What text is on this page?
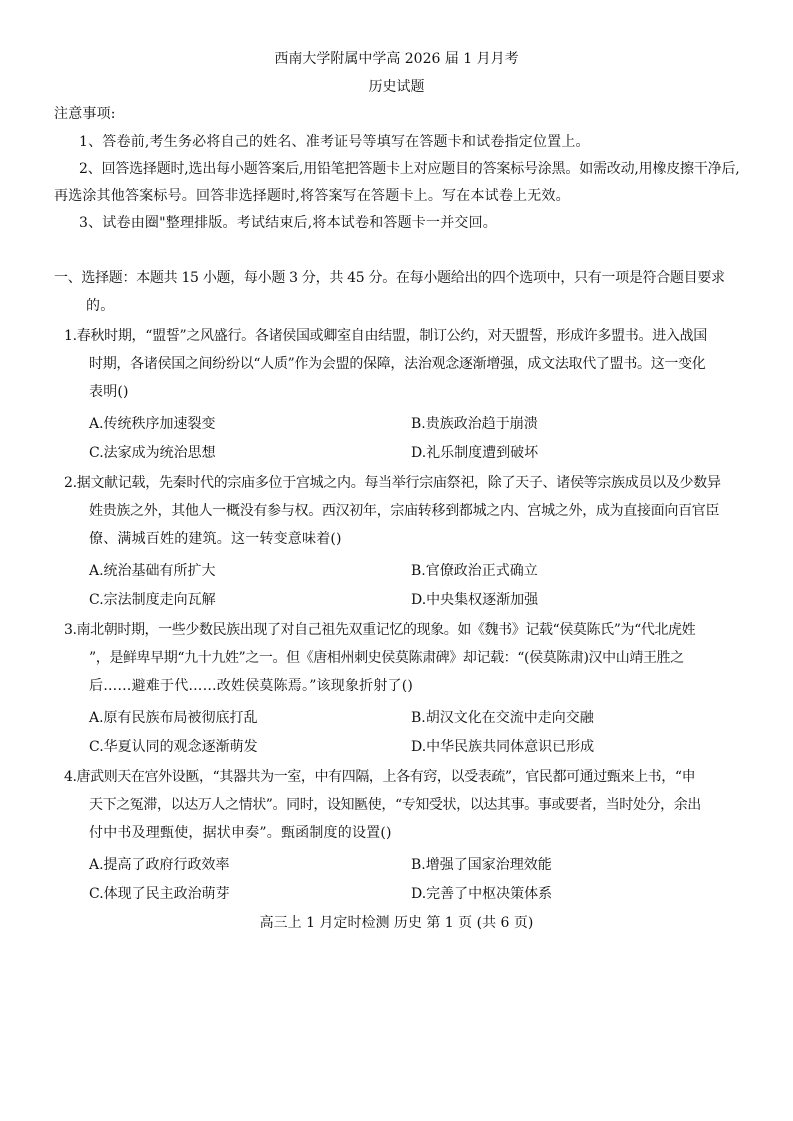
西南大学附属中学高 2026 届 1 月月考
历史试题
注意事项:
1、答卷前,考生务必将自己的姓名、准考证号等填写在答题卡和试卷指定位置上。
2、回答选择题时,选出每小题答案后,用铅笔把答题卡上对应题目的答案标号涂黑。如需改动,用橡皮擦干净后,
再选涂其他答案标号。回答非选择题时,将答案写在答题卡上。写在本试卷上无效。
3、试卷由圈"整理排版。考试结束后,将本试卷和答题卡一并交回。
一、选择题：本题共 15 小题，每小题 3 分，共 45 分。在每小题给出的四个选项中，只有一项是符合题目要求
的。
1.春秋时期，“盟誓”之风盛行。各诸侯国或卿室自由结盟，制订公约，对天盟誓，形成许多盟书。进入战国
时期，各诸侯国之间纷纷以“人质”作为会盟的保障，法治观念逐渐增强，成文法取代了盟书。这一变化
表明()
A.传统秩序加速裂变	B.贵族政治趋于崩溃
C.法家成为统治思想	D.礼乐制度遭到破坏
2.据文献记载，先秦时代的宗庙多位于宫城之内。每当举行宗庙祭祀，除了天子、诸侯等宗族成员以及少数异
姓贵族之外，其他人一概没有参与权。西汉初年，宗庙转移到都城之内、宫城之外，成为直接面向百官臣
僚、满城百姓的建筑。这一转变意味着()
A.统治基础有所扩大	B.官僚政治正式确立
C.宗法制度走向瓦解	D.中央集权逐渐加强
3.南北朝时期，一些少数民族出现了对自己祖先双重记忆的现象。如《魏书》记载“侯莫陈氏”为“代北虎姓
”，是鲜卑早期“九十九姓”之一。但《唐相州刺史侯莫陈肃碑》却记载：“(侯莫陈肃)汉中山靖王胜之
后……避难于代……改姓侯莫陈焉。”该现象折射了()
A.原有民族布局被彻底打乱	B.胡汉文化在交流中走向交融
C.华夏认同的观念逐渐萌发	D.中华民族共同体意识已形成
4.唐武则天在宫外设匦，“其器共为一室，中有四隔，上各有窍，以受表疏”，官民都可通过甄来上书，“申
天下之冤滞，以达万人之情状”。同时，设知匦使，“专知受状，以达其事。事或要者，当时处分，余出
付中书及理甄使，据状申奏”。甄函制度的设置()
A.提高了政府行政效率	B.增强了国家治理效能
C.体现了民主政治萌芽	D.完善了中枢决策体系
高三上 1 月定时检测 历史 第 1 页 (共 6 页)
